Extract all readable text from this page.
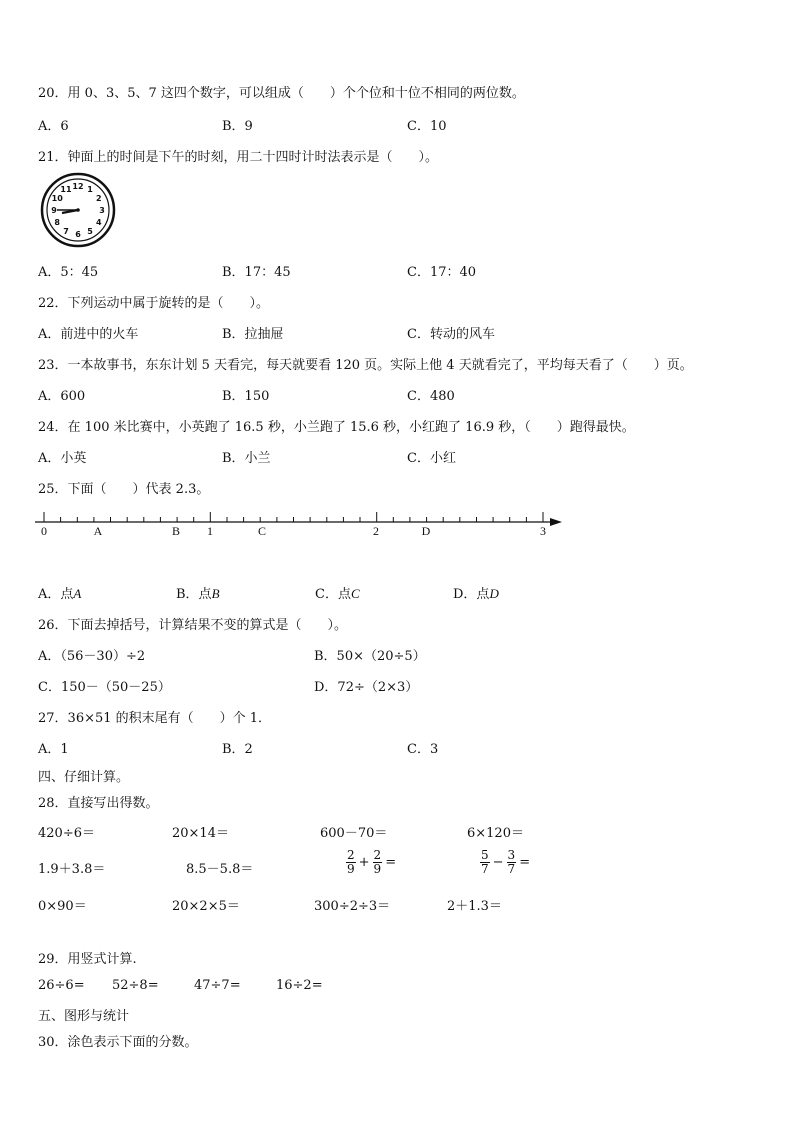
20．用 0、3、5、7 这四个数字，可以组成（　　）个个位和十位不相同的两位数。
A．6	B．9	C．10
21．钟面上的时间是下午的时刻，用二十四时计时法表示是（　　）。
12 1
2
3
4
5
6
7
8
9
10
11
A．5：45	B．17：45	C．17：40
22．下列运动中属于旋转的是（　　）。
A．前进中的火车	B．拉抽屉	C．转动的风车
23．一本故事书，东东计划 5 天看完，每天就要看 120 页。实际上他 4 天就看完了，平均每天看了（　　）页。
A．600	B．150	C．480
24．在 100 米比赛中，小英跑了 16.5 秒，小兰跑了 15.6 秒，小红跑了 16.9 秒，（　　）跑得最快。
A．小英	B．小兰	C．小红
25．下面（　　）代表 2.3。
0	A	B 1	C	2	D	3
A．点A	B．点B	C．点C	D．点D
26．下面去掉括号，计算结果不变的算式是（　　）。
A．（56－30）÷2	B．50×（20÷5）
C．150－（50－25）	D．72÷（2×3）
27．36×51 的积末尾有（　　）个 1．
A．1	B．2	C．3
四、仔细计算。
28．直接写出得数。
420÷6＝	20×14＝	600－70＝	6×120＝
1.9＋3.8＝	8.5－5.8＝	$\frac{2}{9} + \frac{2}{9}$ =	$\frac{5}{7} - \frac{3}{7}$ =
0×90＝	20×2×5＝	300÷2÷3＝	2＋1.3＝
29．用竖式计算.
26÷6= 52÷8=	47÷7=	16÷2=
五、图形与统计
30．涂色表示下面的分数。
